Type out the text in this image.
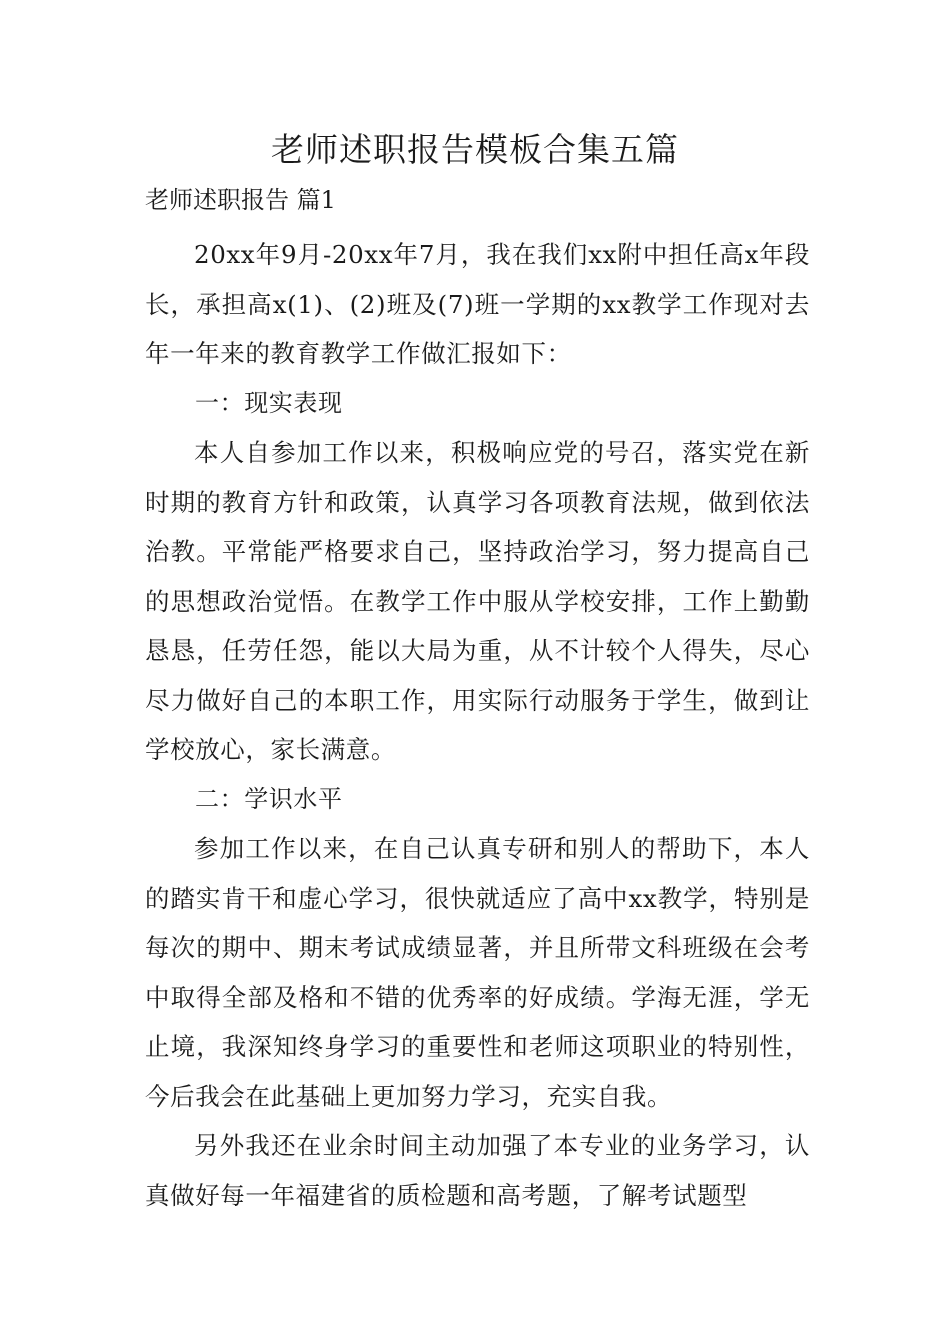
老师述职报告模板合集五篇
老师述职报告 篇1

20xx年9月-20xx年7月，我在我们xx附中担任高x年段长，承担高x(1)、(2)班及(7)班一学期的xx教学工作现对去年一年来的教育教学工作做汇报如下：

一：现实表现

本人自参加工作以来，积极响应党的号召，落实党在新时期的教育方针和政策，认真学习各项教育法规，做到依法治教。平常能严格要求自己，坚持政治学习，努力提高自己的思想政治觉悟。在教学工作中服从学校安排，工作上勤勤恳恳，任劳任怨，能以大局为重，从不计较个人得失，尽心尽力做好自己的本职工作，用实际行动服务于学生，做到让学校放心，家长满意。

二：学识水平

参加工作以来，在自己认真专研和别人的帮助下，本人的踏实肯干和虚心学习，很快就适应了高中xx教学，特别是每次的期中、期末考试成绩显著，并且所带文科班级在会考中取得全部及格和不错的优秀率的好成绩。学海无涯，学无止境，我深知终身学习的重要性和老师这项职业的特别性，今后我会在此基础上更加努力学习，充实自我。

另外我还在业余时间主动加强了本专业的业务学习，认真做好每一年福建省的质检题和高考题，了解考试题型
